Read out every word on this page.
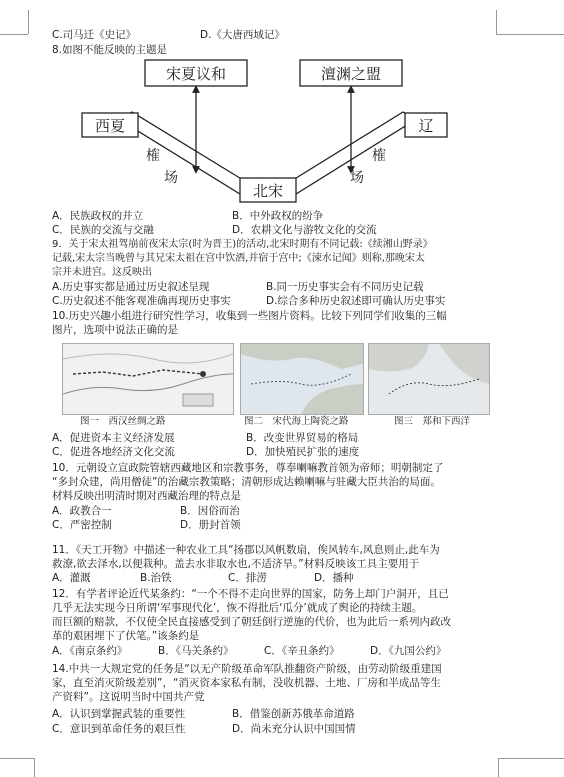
C.司马迁《史记》	D.《大唐西域记》
8.如图不能反映的主题是
宋夏议和	澶渊之盟
西夏	辽
北宋
榷
场
榷
场
A．民族政权的并立	B．中外政权的纷争
C．民族的交流与交融	D．农耕文化与游牧文化的交流
9．关于宋太祖驾崩前夜宋太宗(时为晋王)的活动,北宋时期有不同记载:《续湘山野录》
记载,宋太宗当晚曾与其兄宋太祖在宫中饮酒,并宿于宫中;《涑水记闻》则称,那晚宋太
宗并未进宫。这反映出
A.历史事实都是通过历史叙述呈现	B.同一历史事实会有不同历史记载
C.历史叙述不能客观准确再现历史事实	D.综合多种历史叙述即可确认历史事实
10.历史兴趣小组进行研究性学习，收集到一些图片资料。比较下列同学们收集的三幅
图片，选项中说法正确的是
图一　西汉丝绸之路	图二　宋代海上陶瓷之路	图三　郑和下西洋
A．促进资本主义经济发展	B．改变世界贸易的格局
C．促进各地经济文化交流	D．加快殖民扩张的速度
10．元朝设立宣政院管辖西藏地区和宗教事务，尊奉喇嘛教首领为帝师；明朝制定了
“多封众建，尚用僧徒”的治藏宗教策略；清朝形成达赖喇嘛与驻藏大臣共治的局面。
材料反映出明清时期对西藏治理的特点是
A．政教合一	B．因俗而治
C．严密控制	D．册封首领
11．《天工开物》中描述一种农业工具“扬郡以风帆数扇，俟风转车,风息则止,此车为
救潦,欲去泽水,以便栽种。盖去水非取水也,不适济旱。”材料反映该工具主要用于
A．灌溉	B.治铁	C．排涝	D．播种
12．有学者评论近代某条约：“一个不得不走向世界的国家，防务上却门户洞开，且已
几乎无法实现今日所谓‘军事现代化’，恢不得批后‘瓜分’就成了舆论的持续主题。
而巨额的赔款，不仅使全民直接感受到了朝廷倒行逆施的代价，也为此后一系列内政改
革的艰困埋下了伏笔。”该条约是
A．《南京条约》	B．《马关条约》	C．《辛丑条约》	D．《九国公约》
14.中共一大规定党的任务是“以无产阶级革命军队推翻资产阶级，由劳动阶级重建国
家，直至消灭阶级差别”，“消灭资本家私有制，没收机器、土地、厂房和半成品等生
产资料”。这说明当时中国共产党
A．认识到掌握武装的重要性	B．借鉴创新苏俄革命道路
C．意识到革命任务的艰巨性	D．尚未充分认识中国国情
